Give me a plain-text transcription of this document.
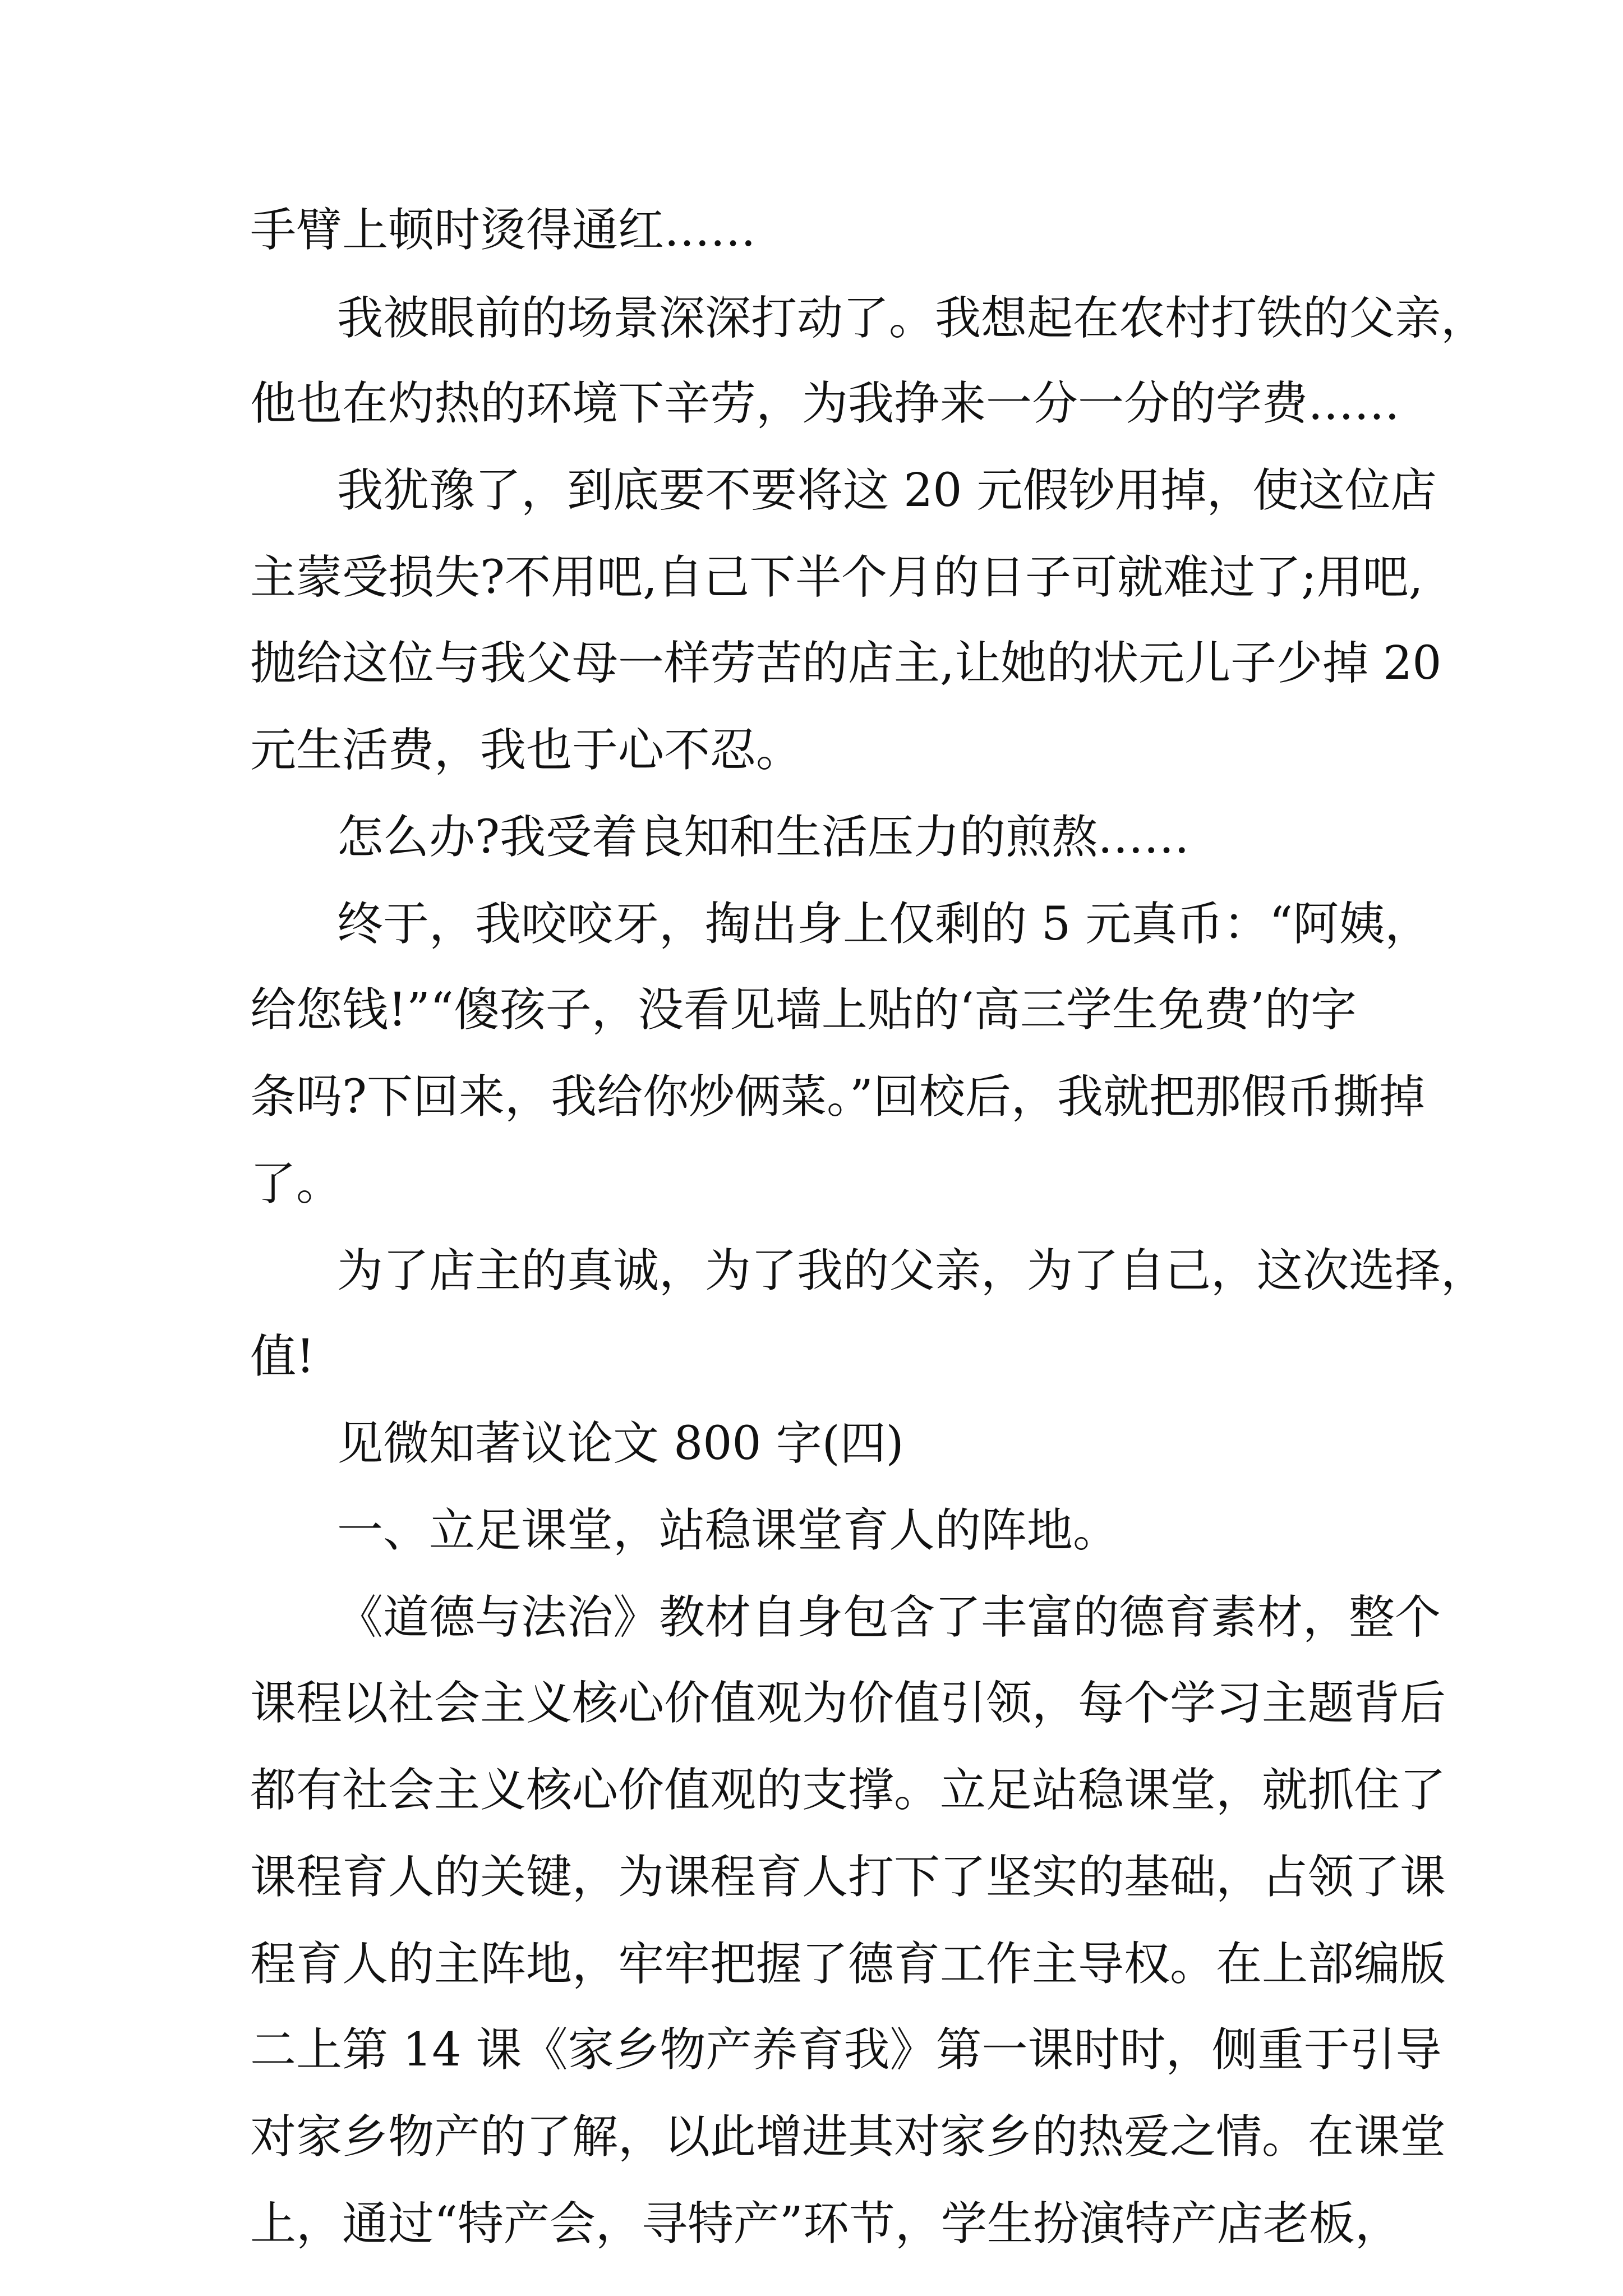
手臂上顿时烫得通红……
我被眼前的场景深深打动了。我想起在农村打铁的父亲，
他也在灼热的环境下辛劳，为我挣来一分一分的学费……
我犹豫了，到底要不要将这 20 元假钞用掉，使这位店
主蒙受损失?不用吧,自己下半个月的日子可就难过了;用吧,
抛给这位与我父母一样劳苦的店主,让她的状元儿子少掉 20
元生活费，我也于心不忍。
怎么办?我受着良知和生活压力的煎熬……
终于，我咬咬牙，掏出身上仅剩的 5 元真币：“阿姨，
给您钱!”“傻孩子，没看见墙上贴的‘高三学生免费’的字
条吗?下回来，我给你炒俩菜。”回校后，我就把那假币撕掉
了。
为了店主的真诚，为了我的父亲，为了自己，这次选择，
值!
见微知著议论文 800 字(四)
一、立足课堂，站稳课堂育人的阵地。
《道德与法治》教材自身包含了丰富的德育素材，整个
课程以社会主义核心价值观为价值引领，每个学习主题背后
都有社会主义核心价值观的支撑。立足站稳课堂，就抓住了
课程育人的关键，为课程育人打下了坚实的基础，占领了课
程育人的主阵地，牢牢把握了德育工作主导权。在上部编版
二上第 14 课《家乡物产养育我》第一课时时，侧重于引导
对家乡物产的了解，以此增进其对家乡的热爱之情。在课堂
上，通过“特产会，寻特产”环节，学生扮演特产店老板，
